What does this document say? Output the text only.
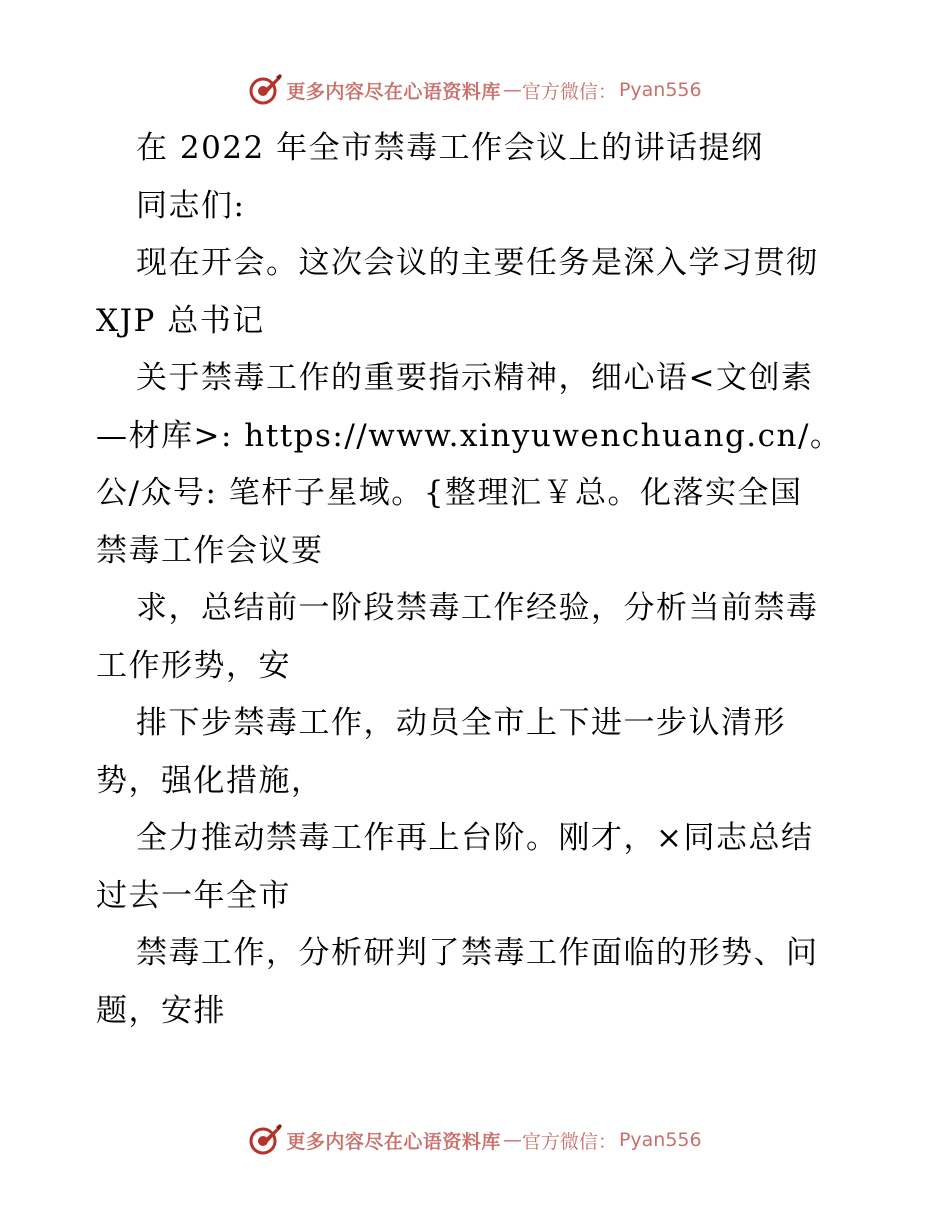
更多内容尽在心语资料库 — 官方微信： Pyan556
在 2022 年全市禁毒工作会议上的讲话提纲
同志们:
现在开会。这次会议的主要任务是深入学习贯彻
XJP 总书记
关于禁毒工作的重要指示精神，细心语<文创素
—材库>: https://www.xinyuwenchuang.cn/。
公/众号: 笔杆子星域。{整理汇￥总。化落实全国
禁毒工作会议要
求，总结前一阶段禁毒工作经验，分析当前禁毒
工作形势，安
排下步禁毒工作，动员全市上下进一步认清形
势，强化措施，
全力推动禁毒工作再上台阶。刚才，×同志总结
过去一年全市
禁毒工作，分析研判了禁毒工作面临的形势、问
题，安排
更多内容尽在心语资料库 — 官方微信： Pyan556
